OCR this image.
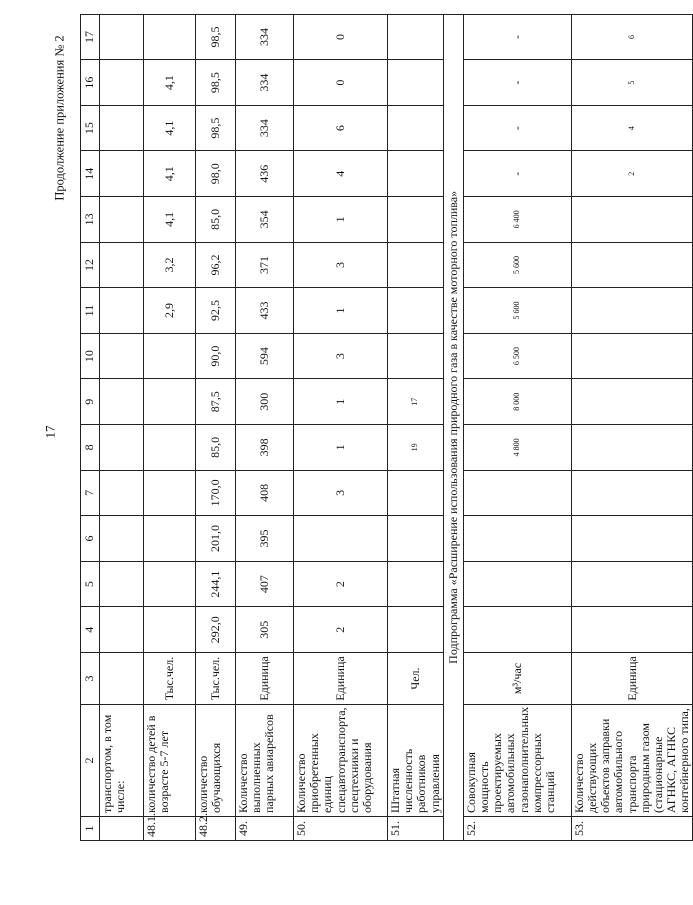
17
Продолжение приложения № 2
1	2	3	4	5	6	7	8	9	10	11	12	13	14	15	16	17
	транспортом, в том числе:															
48.1.	количество детей в возрасте 5-7 лет	Тыс.чел.								2,9	3,2	4,1	4,1	4,1	4,1	
48.2.	количество обучающихся	Тыс.чел.	292,0	244,1	201,0	170,0	85,0	87,5	90,0	92,5	96,2	85,0	98,0	98,5	98,5	98,5
49.	Количество выполненных парных авиарейсов	Единица	305	407	395	408	398	300	594	433	371	354	436	334	334	334
50.	Количество приобретенных единиц спецавтотранспорта, спецтехники и оборудования	Единица	2	2		3	1	1	3	1	3	1	4	6	0	0
51.	Штатная численность работников управления	Чел.					19	17								
Подпрограмма «Расширение использования природного газа в качестве моторного топлива»																
52.	Совокупная мощность проектируемых автомобильных газонаполнительных компрессорных станций	м³/час					4 800	8 000	6 500	5 600	5 600	6 400	-	-	-	-
53.	Количество действующих объектов заправки автомобильного транспорта природным газом (стационарные АГНКС, АГНКС контейнерного типа,	Единица											2	4	5	6
